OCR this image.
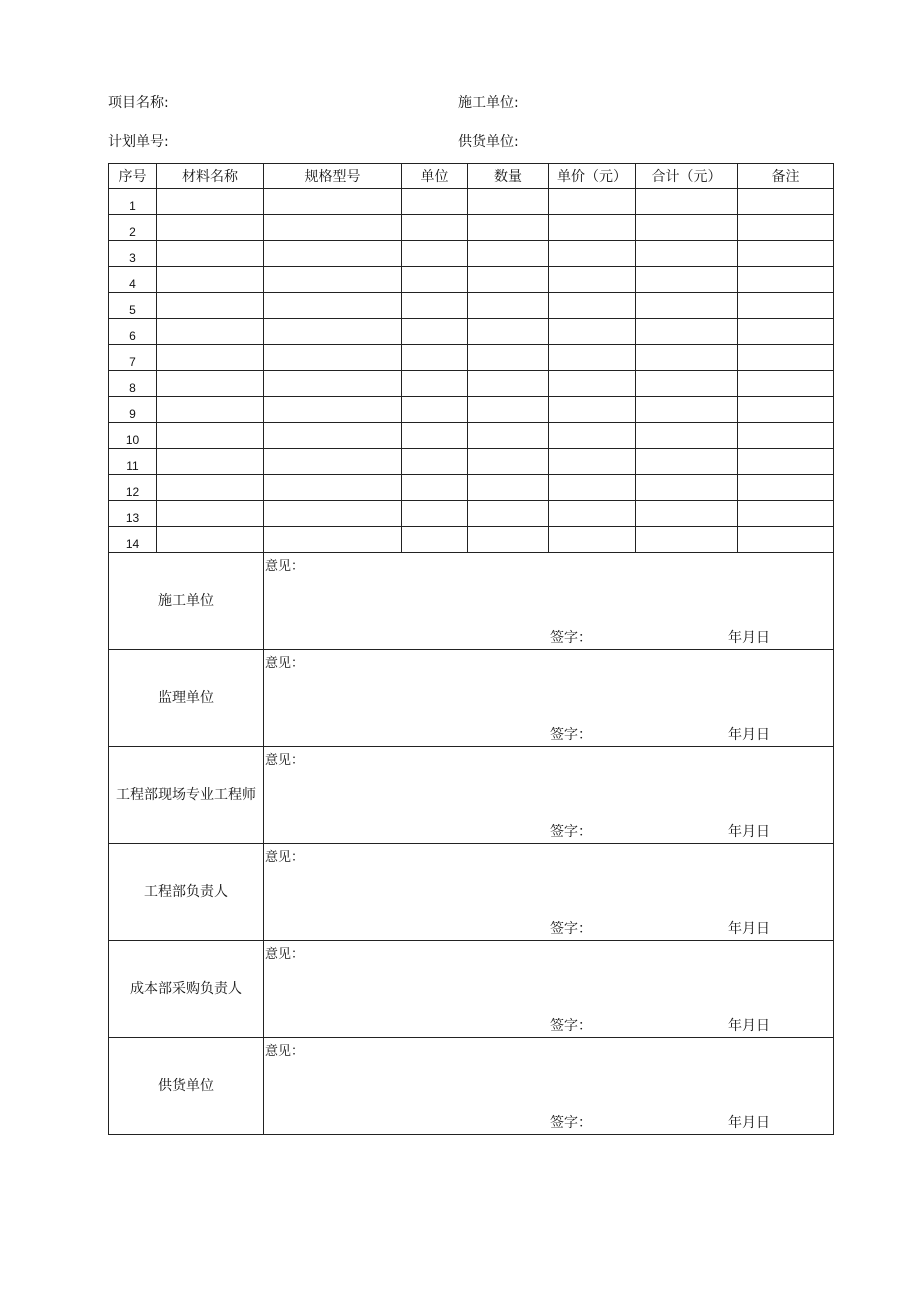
项目名称:	施工单位:
计划单号:	供货单位:
序号	材料名称	规格型号	单位	数量	单价（元）	合计（元）	备注
1							
2							
3							
4							
5							
6							
7							
8							
9							
10							
11							
12							
13							
14							
施工单位		意见：
签字： 年月日					

监理单位		意见：
签字： 年月日					

工程部现场专业工程师		意见：
签字： 年月日					

工程部负责人		意见：
签字： 年月日					

成本部采购负责人		意见：
签字： 年月日					

供货单位		意见：
签字： 年月日					
